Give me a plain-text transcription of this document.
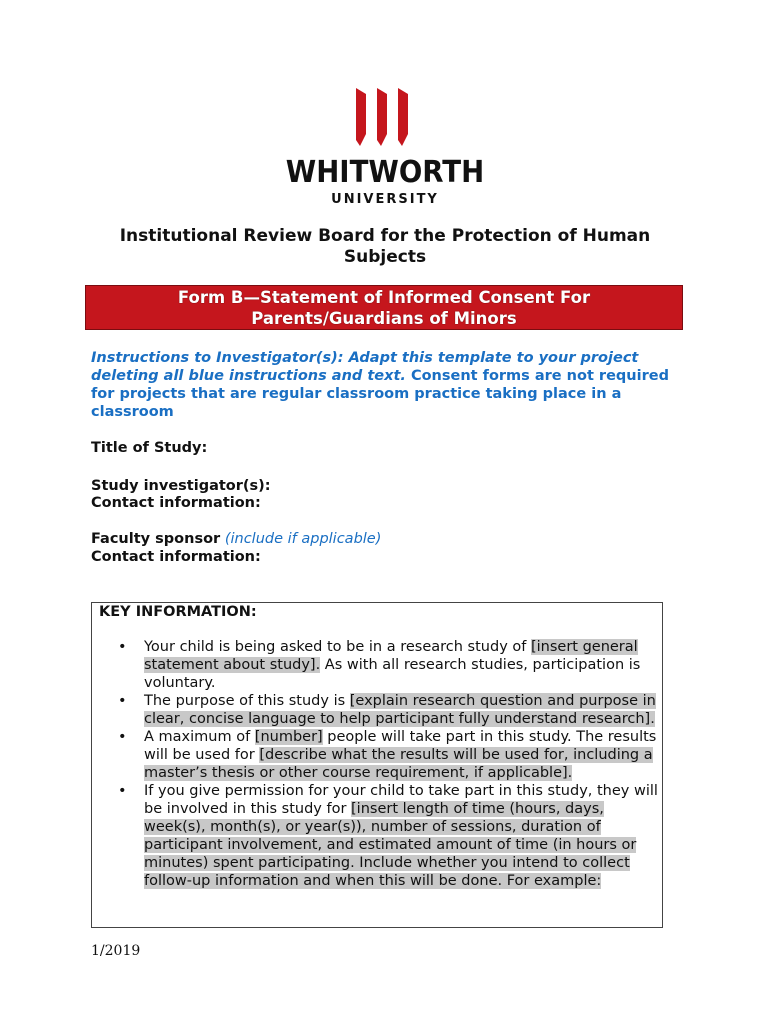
WHITWORTH
UNIVERSITY
Institutional Review Board for the Protection of Human
Subjects
Form B—Statement of Informed Consent For
Parents/Guardians of Minors
Instructions to Investigator(s): Adapt this template to your project deleting all blue instructions and text. Consent forms are not required for projects that are regular classroom practice taking place in a classroom
Title of Study:
Study investigator(s):
Contact information:
Faculty sponsor (include if applicable)
Contact information:
KEY INFORMATION:
• Your child is being asked to be in a research study of [insert general statement about study]. As with all research studies, participation is voluntary.
• The purpose of this study is [explain research question and purpose in clear, concise language to help participant fully understand research].
• A maximum of [number] people will take part in this study. The results will be used for [describe what the results will be used for, including a master’s thesis or other course requirement, if applicable].
• If you give permission for your child to take part in this study, they will be involved in this study for [insert length of time (hours, days, week(s), month(s), or year(s)), number of sessions, duration of participant involvement, and estimated amount of time (in hours or minutes) spent participating. Include whether you intend to collect follow-up information and when this will be done. For example:
1/2019
